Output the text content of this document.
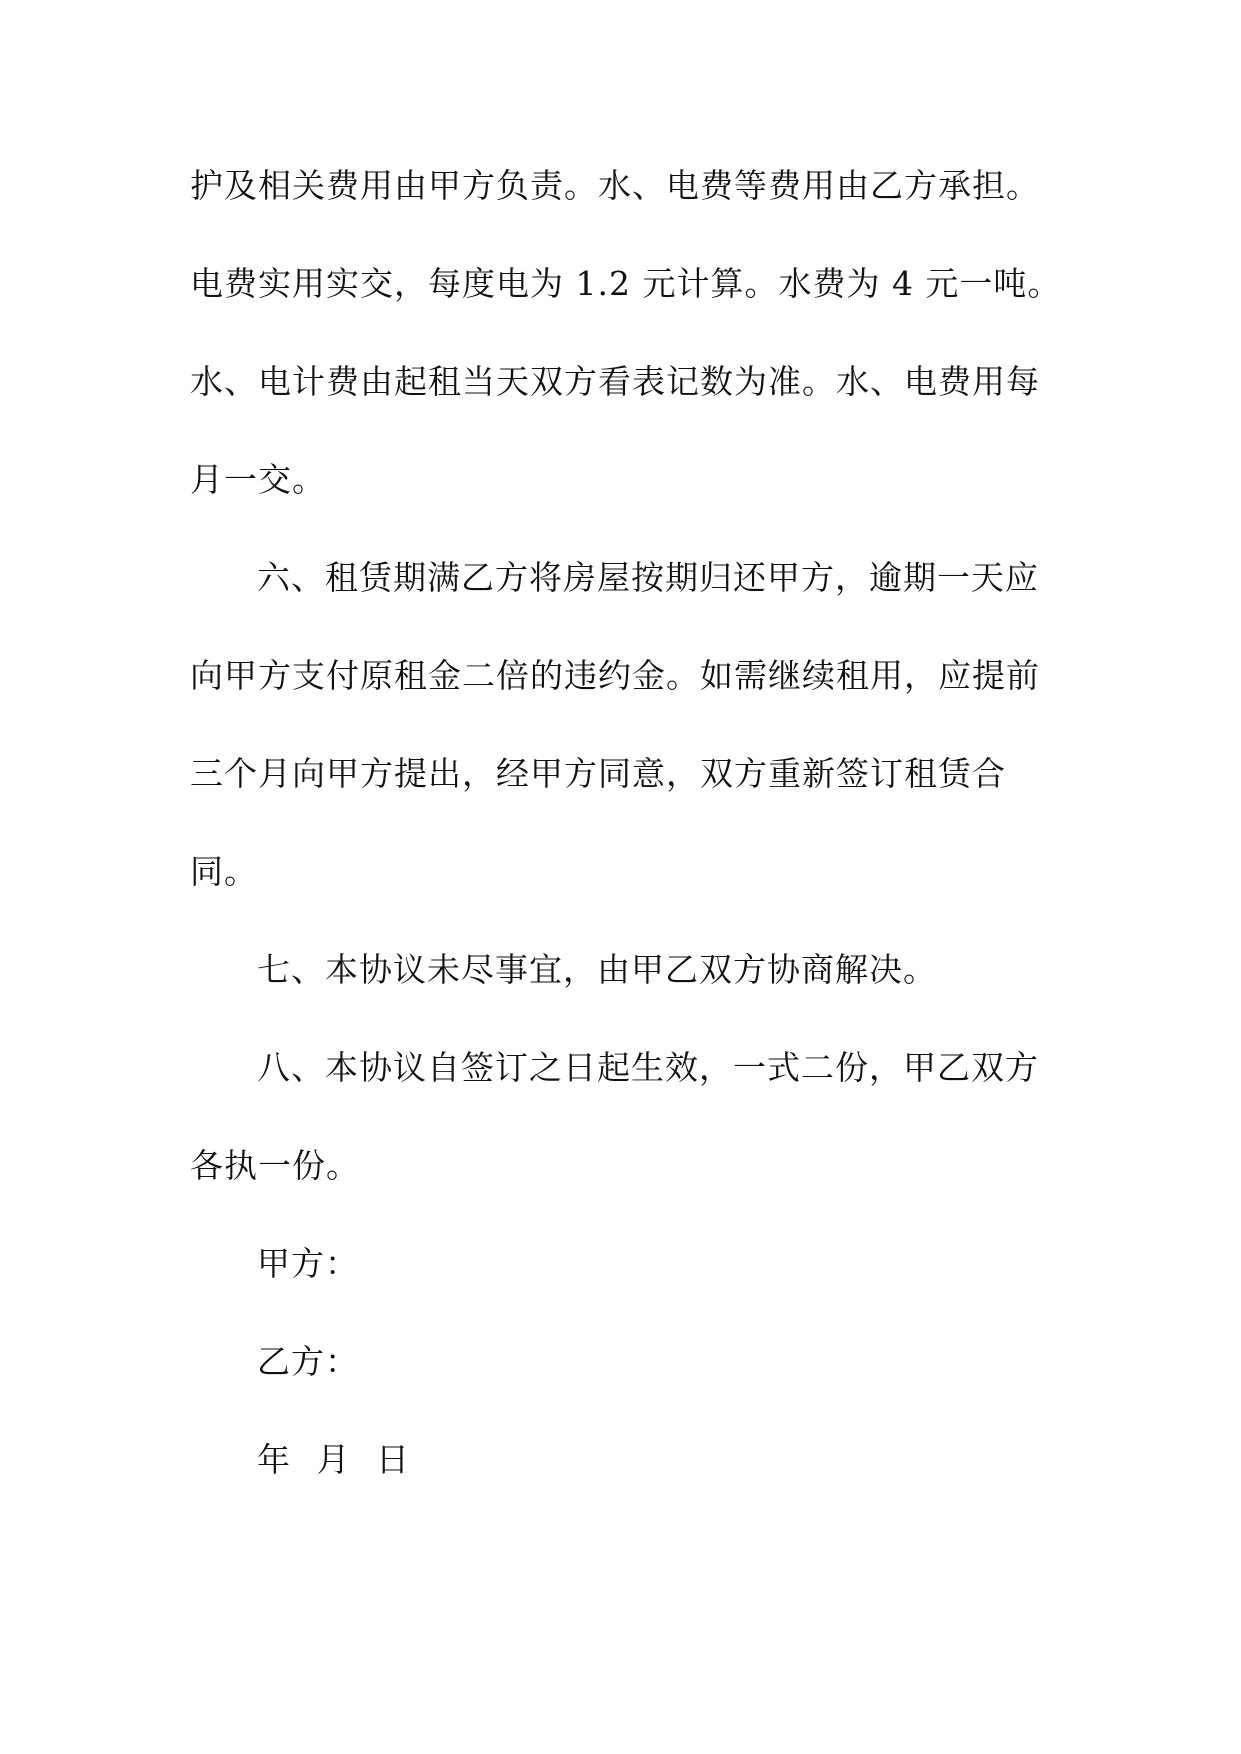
护及相关费用由甲方负责。水、电费等费用由乙方承担。
电费实用实交，每度电为 1.2 元计算。水费为 4 元一吨。
水、电计费由起租当天双方看表记数为准。水、电费用每
月一交。
六、租赁期满乙方将房屋按期归还甲方，逾期一天应
向甲方支付原租金二倍的违约金。如需继续租用，应提前
三个月向甲方提出，经甲方同意，双方重新签订租赁合
同。
七、本协议未尽事宜，由甲乙双方协商解决。
八、本协议自签订之日起生效，一式二份，甲乙双方
各执一份。
甲方：
乙方：
年 月 日
